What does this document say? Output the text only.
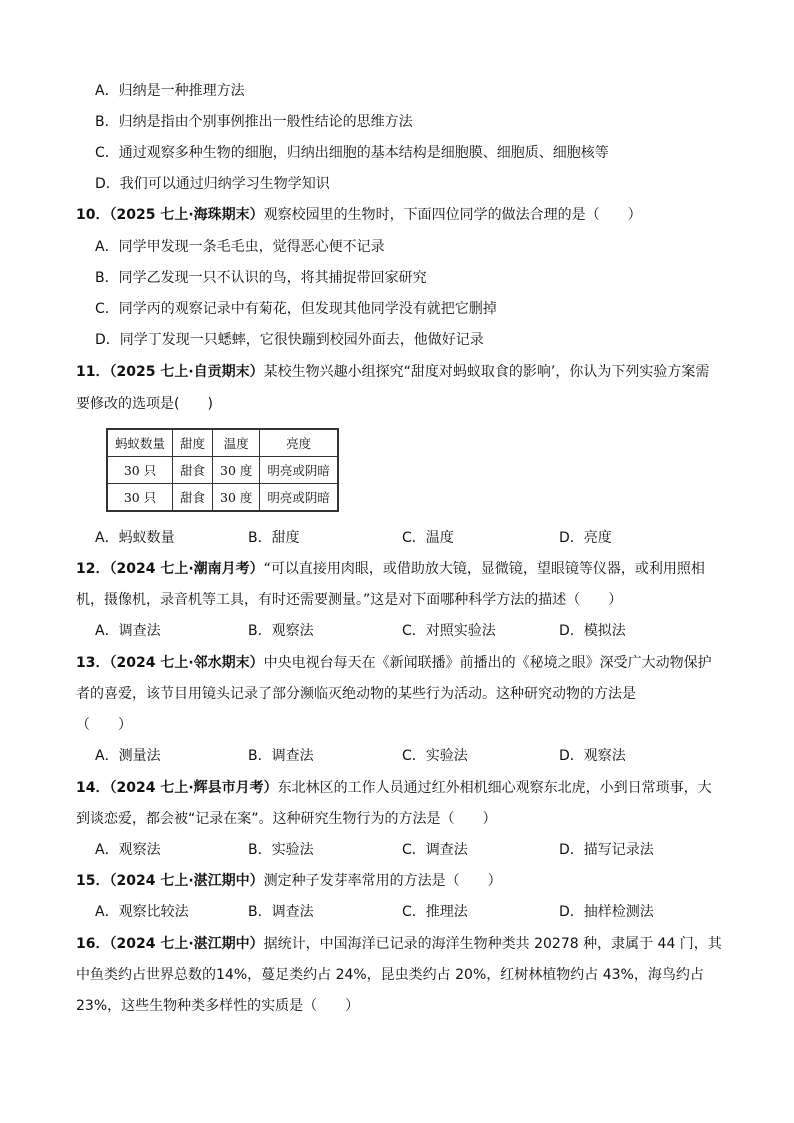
A．归纳是一种推理方法
B．归纳是指由个别事例推出一般性结论的思维方法
C．通过观察多种生物的细胞，归纳出细胞的基本结构是细胞膜、细胞质、细胞核等
D．我们可以通过归纳学习生物学知识
10．（2025 七上·海珠期末）观察校园里的生物时，下面四位同学的做法合理的是（　　）
A．同学甲发现一条毛毛虫，觉得恶心便不记录
B．同学乙发现一只不认识的鸟，将其捕捉带回家研究
C．同学丙的观察记录中有菊花，但发现其他同学没有就把它删掉
D．同学丁发现一只蟋蟀，它很快蹦到校园外面去，他做好记录
11．（2025 七上·自贡期末）某校生物兴趣小组探究“甜度对蚂蚁取食的影响’，你认为下列实验方案需
要修改的选项是(　　)
蚂蚁数量	甜度	温度	亮度
30 只	甜食	30 度	明亮或阴暗
30 只	甜食	30 度	明亮或阴暗
A．蚂蚁数量	B．甜度	C．温度	D．亮度
12．（2024 七上·潮南月考）“可以直接用肉眼，或借助放大镜，显微镜，望眼镜等仪器，或利用照相
机，摄像机，录音机等工具，有时还需要测量。”这是对下面哪种科学方法的描述（　　）
A．调查法	B．观察法	C．对照实验法	D．模拟法
13．（2024 七上·邻水期末）中央电视台每天在《新闻联播》前播出的《秘境之眼》深受广大动物保护
者的喜爱，该节目用镜头记录了部分濒临灭绝动物的某些行为活动。这种研究动物的方法是
（　　）
A．测量法	B．调查法	C．实验法	D．观察法
14．（2024 七上·辉县市月考）东北林区的工作人员通过红外相机细心观察东北虎，小到日常琐事，大
到谈恋爱，都会被“记录在案”。这种研究生物行为的方法是（　　）
A．观察法	B．实验法	C．调查法	D．描写记录法
15．（2024 七上·湛江期中）测定种子发芽率常用的方法是（　　）
A．观察比较法	B．调查法	C．推理法	D．抽样检测法
16．（2024 七上·湛江期中）据统计，中国海洋已记录的海洋生物种类共 20278 种，隶属于 44 门，其
中鱼类约占世界总数的14%，蔓足类约占 24%，昆虫类约占 20%，红树林植物约占 43%，海鸟约占
23%，这些生物种类多样性的实质是（　　）
